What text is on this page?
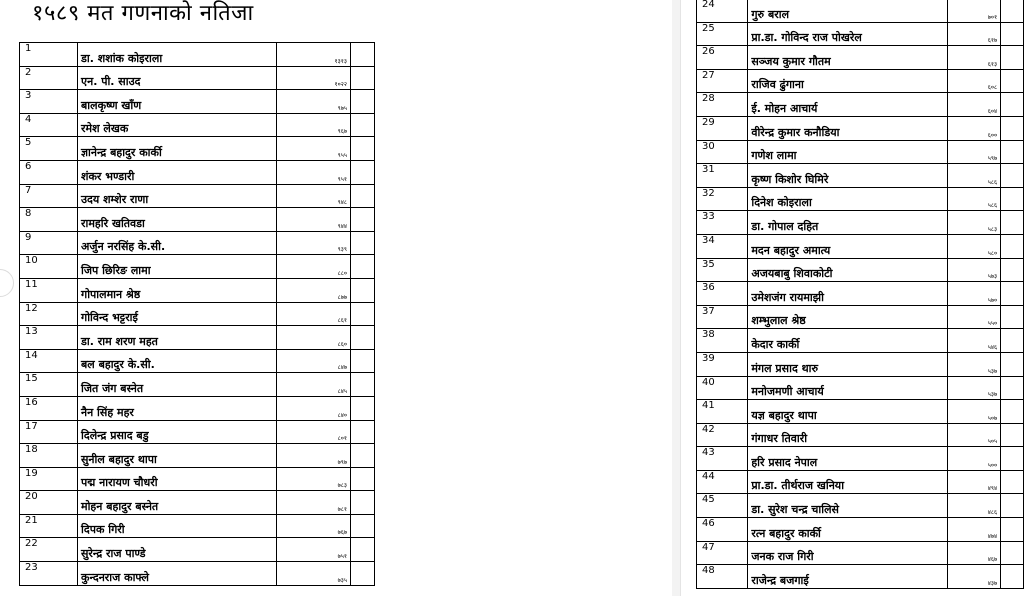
१५८९ मत गणनाको नतिजा
1	डा. शशांक कोइराला	१३१३	

2	एन. पी. साउद	१०२२	

3	बालकृष्ण खाँण	९७५	

4	रमेश लेखक	९६७	

5	ज्ञानेन्द्र बहादुर कार्की	९५५	

6	शंकर भण्डारी	९५१	

7	उदय शम्शेर राणा	९४८	

8	रामहरि खतिवडा	९४४	

9	अर्जुन नरसिंह के.सी.	९३९	

10	जिप छिरिङ लामा	८८०	

11	गोपालमान श्रेष्ठ	८७७	

12	गोविन्द भट्टराई	८६१	

13	डा. राम शरण महत	८६०	

14	बल बहादुर के.सी.	८४७	

15	जित जंग बस्नेत	८४५	

16	नैन सिंह महर	८४०	

17	दिलेन्द्र प्रसाद बडु	८०१	

18	सुनील बहादुर थापा	७९७	

19	पद्म नारायण चौधरी	७८३	

20	मोहन बहादुर बस्नेत	७८१	

21	दिपक गिरी	७६७	

22	सुरेन्द्र राज पाण्डे	७५१	

23	कुन्दनराज काफ्ले	७३५	

24	गुरु बराल	७०१	

25	प्रा.डा. गोविन्द राज पोखरेल	६१७	

26	सञ्जय कुमार गौतम	६१३	

27	राजिव ढुंगाना	६०८	

28	ई. मोहन आचार्य	६०४	

29	वीरेन्द्र कुमार कनौडिया	६००	

30	गणेश लामा	५९७	

31	कृष्ण किशोर घिमिरे	५८६	

32	दिनेश कोइराला	५८६	

33	डा. गोपाल दहित	५८३	

34	मदन बहादुर अमात्य	५८०	

35	अजयबाबु शिवाकोटी	५७३	

36	उमेशजंग रायमाझी	५७०	

37	शम्भुलाल श्रेष्ठ	५५०	

38	केदार कार्की	५४६	

39	मंगल प्रसाद थारु	५३७	

40	मनोजमणी आचार्य	५३७	

41	यज्ञ बहादुर थापा	५०७	

42	गंगाधर तिवारी	५०५	

43	हरि प्रसाद नेपाल	५००	

44	प्रा.डा. तीर्थराज खनिया	४९४	

45	डा. सुरेश चन्द्र चालिसे	४८६	

46	रत्न बहादुर कार्की	४७४	

47	जनक राज गिरी	४६७	

48	राजेन्द्र बजगाई	४३७	
